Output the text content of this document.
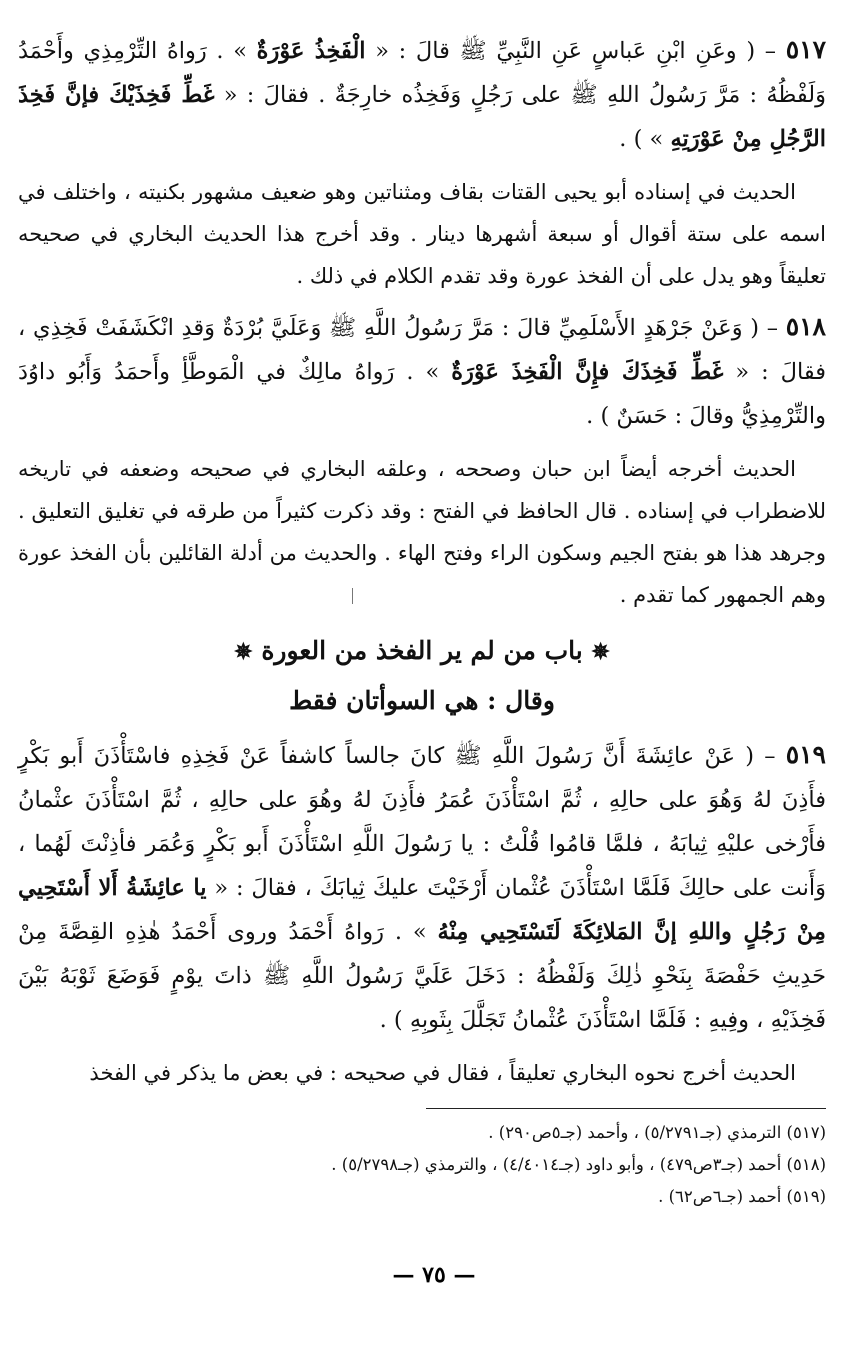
٥١٧ – ( وعَنِ ابْنِ عَباسٍ عَنِ النَّبِيِّ ﷺ قالَ : « الْفَخِذُ عَوْرَةٌ » . رَواهُ التِّرْمِذِي وأَحْمَدُ وَلَفْظُهُ : مَرَّ رَسُولُ اللهِ ﷺ على رَجُلٍ وَفَخِذُه خارِجَةٌ . فقالَ : « غَطِّ فَخِذَيْكَ فإنَّ فَخِذَ الرَّجُلِ مِنْ عَوْرَتِهِ » ) .

الحديث في إسناده أبو يحيى القتات بقاف ومثناتين وهو ضعيف مشهور بكنيته ، واختلف في اسمه على ستة أقوال أو سبعة أشهرها دينار . وقد أخرج هذا الحديث البخاري في صحيحه تعليقاً وهو يدل على أن الفخذ عورة وقد تقدم الكلام في ذلك .

٥١٨ – ( وَعَنْ جَرْهَدٍ الأَسْلَمِيِّ قالَ : مَرَّ رَسُولُ اللَّهِ ﷺ وَعَلَيَّ بُرْدَةٌ وَقدِ انْكَشَفَتْ فَخِذِي ، فقالَ : « غَطِّ فَخِذَكَ فإِنَّ الْفَخِذَ عَوْرَةٌ » . رَواهُ مالِكٌ في الْمَوطَّأِ وأَحمَدُ وَأَبُو داوُدَ والتِّرْمِذِيُّ وقالَ : حَسَنٌ ) .

الحديث أخرجه أيضاً ابن حبان وصححه ، وعلقه البخاري في صحيحه وضعفه في تاريخه للاضطراب في إسناده . قال الحافظ في الفتح : وقد ذكرت كثيراً من طرقه في تغليق التعليق . وجرهد هذا هو بفتح الجيم وسكون الراء وفتح الهاء . والحديث من أدلة القائلين بأن الفخذ عورة وهم الجمهور كما تقدم .

✵ باب من لم ير الفخذ من العورة ✵
وقال : هي السوأتان فقط

٥١٩ – ( عَنْ عائِشَةَ أَنَّ رَسُولَ اللَّهِ ﷺ كانَ جالساً كاشفاً عَنْ فَخِذِهِ فاسْتَأْذَنَ أَبو بَكْرٍ فأَذِنَ لهُ وَهُوَ على حالِهِ ، ثُمَّ اسْتَأْذَنَ عُمَرُ فأَذِنَ لهُ وهُوَ على حالِهِ ، ثُمَّ اسْتَأْذَنَ عثْمانُ فأَرْخى عليْهِ ثِيابَهُ ، فلمَّا قامُوا قُلْتُ : يا رَسُولَ اللَّهِ اسْتَأْذَنَ أَبو بَكْرٍ وَعُمَر فأذِنْتَ لَهُما ، وَأَنت على حالِكَ فَلَمَّا اسْتَأْذَنَ عُثْمان أَرْخَيْتَ عليكَ ثِيابَكَ ، فقالَ : « يا عائِشَةُ أَلا أَسْتَحِيي مِنْ رَجُلٍ واللهِ إنَّ المَلائِكَةَ لَتَسْتَحِيي مِنْهُ » . رَواهُ أَحْمَدُ وروى أَحْمَدُ هٰذِهِ القِصَّةَ مِنْ حَدِيثِ حَفْصَةَ بِنَحْوِ ذٰلِكَ وَلَفْظُهُ : دَخَلَ عَلَيَّ رَسُولُ اللَّهِ ﷺ ذاتَ يوْمٍ فَوَضَعَ ثَوْبَهُ بَيْنَ فَخِذَيْهِ ، وفِيهِ : فَلَمَّا اسْتَأْذَنَ عُثْمانُ تَجَلَّلَ بِثَوبِهِ ) .

الحديث أخرج نحوه البخاري تعليقاً ، فقال في صحيحه : في بعض ما يذكر في الفخذ

(٥١٧) الترمذي (جـ٥/٢٧٩١) ، وأحمد (جـ٥ص٢٩٠) .

(٥١٨) أحمد (جـ٣ص٤٧٩) ، وأبو داود (جـ٤/٤٠١٤) ، والترمذي (جـ٥/٢٧٩٨) .

(٥١٩) أحمد (جـ٦ص٦٢) .

— ٧٥ —
